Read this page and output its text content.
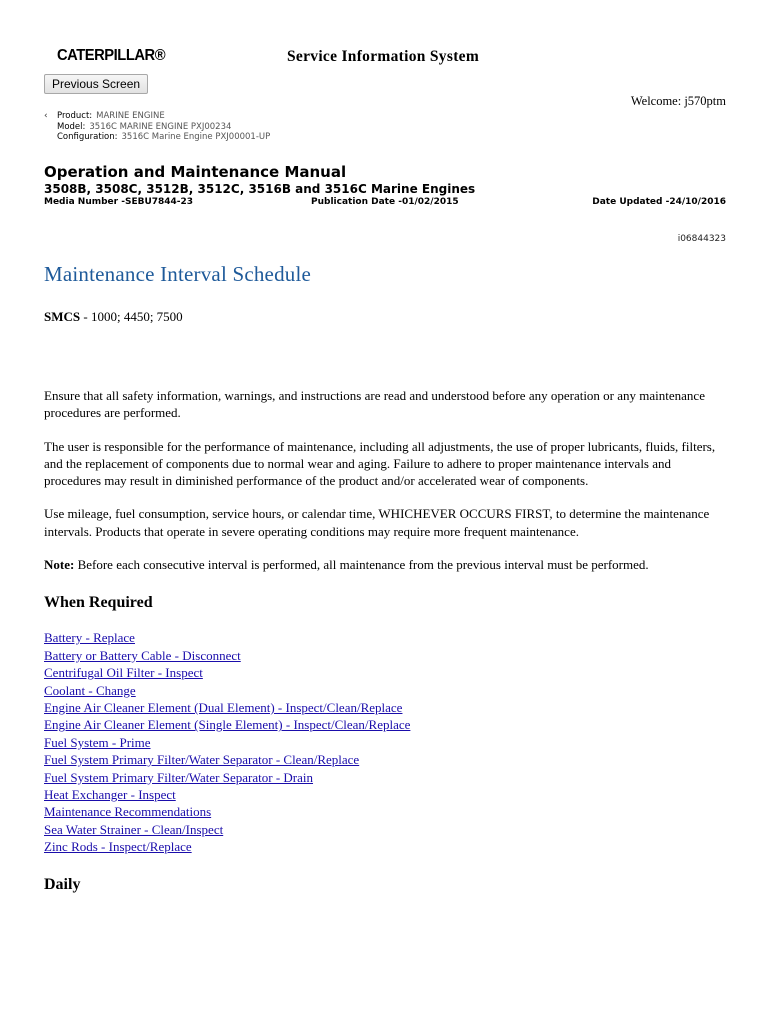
CATERPILLAR®	Service Information System
Previous Screen
Welcome: j570ptm
‹	Product: MARINE ENGINE
Model: 3516C MARINE ENGINE PXJ00234
Configuration: 3516C Marine Engine PXJ00001-UP
Operation and Maintenance Manual
3508B, 3508C, 3512B, 3512C, 3516B and 3516C Marine Engines
Media Number -SEBU7844-23	Publication Date -01/02/2015	Date Updated -24/10/2016
i06844323
Maintenance Interval Schedule
SMCS - 1000; 4450; 7500

Ensure that all safety information, warnings, and instructions are read and understood before any operation or any maintenance procedures are performed.

The user is responsible for the performance of maintenance, including all adjustments, the use of proper lubricants, fluids, filters, and the replacement of components due to normal wear and aging. Failure to adhere to proper maintenance intervals and procedures may result in diminished performance of the product and/or accelerated wear of components.

Use mileage, fuel consumption, service hours, or calendar time, WHICHEVER OCCURS FIRST, to determine the maintenance intervals. Products that operate in severe operating conditions may require more frequent maintenance.

Note: Before each consecutive interval is performed, all maintenance from the previous interval must be performed.

When Required
Battery - Replace
Battery or Battery Cable - Disconnect
Centrifugal Oil Filter - Inspect
Coolant - Change
Engine Air Cleaner Element (Dual Element) - Inspect/Clean/Replace
Engine Air Cleaner Element (Single Element) - Inspect/Clean/Replace
Fuel System - Prime
Fuel System Primary Filter/Water Separator - Clean/Replace
Fuel System Primary Filter/Water Separator - Drain
Heat Exchanger - Inspect
Maintenance Recommendations
Sea Water Strainer - Clean/Inspect
Zinc Rods - Inspect/Replace
Daily
